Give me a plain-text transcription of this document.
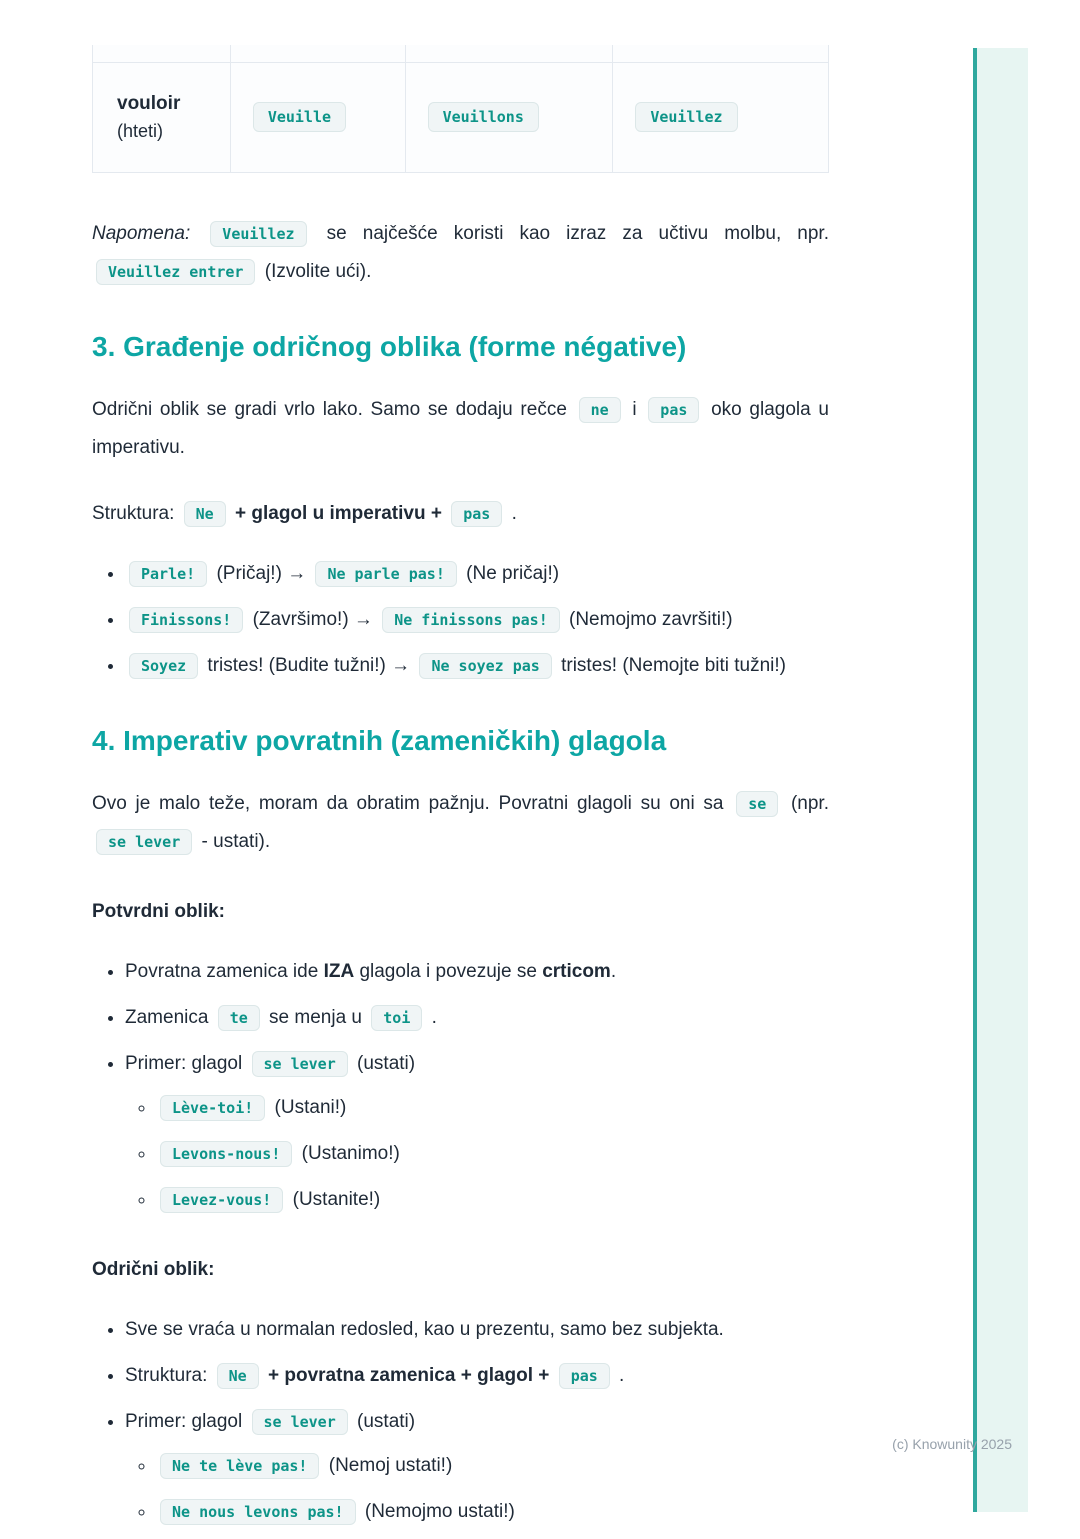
vouloir
(hteti)	Veuille	Veuillons	Veuillez

Napomena: Veuillez se najčešće koristi kao izraz za učtivu molbu, npr. Veuillez entrer (Izvolite ući).

3. Građenje odričnog oblika (forme négative)

Odrični oblik se gradi vrlo lako. Samo se dodaju rečce ne i pas oko glagola u imperativu.

Struktura: Ne + glagol u imperativu + pas .

• Parle! (Pričaj!) → Ne parle pas! (Ne pričaj!)
• Finissons! (Završimo!) → Ne finissons pas! (Nemojmo završiti!)
• Soyez tristes! (Budite tužni!) → Ne soyez pas tristes! (Nemojte biti tužni!)
4. Imperativ povratnih (zameničkih) glagola

Ovo je malo teže, moram da obratim pažnju. Povratni glagoli su oni sa se (npr. se lever - ustati).

Potvrdni oblik:

• Povratna zamenica ide IZA glagola i povezuje se crticom.
• Zamenica te se menja u toi .
• Primer: glagol se lever (ustati)
◦ Lève-toi! (Ustani!)
◦ Levons-nous! (Ustanimo!)
◦ Levez-vous! (Ustanite!)

Odrični oblik:

• Sve se vraća u normalan redosled, kao u prezentu, samo bez subjekta.
• Struktura: Ne + povratna zamenica + glagol + pas .
• Primer: glagol se lever (ustati)
◦ Ne te lève pas! (Nemoj ustati!)
◦ Ne nous levons pas! (Nemojmo ustati!)
(c) Knowunity 2025
